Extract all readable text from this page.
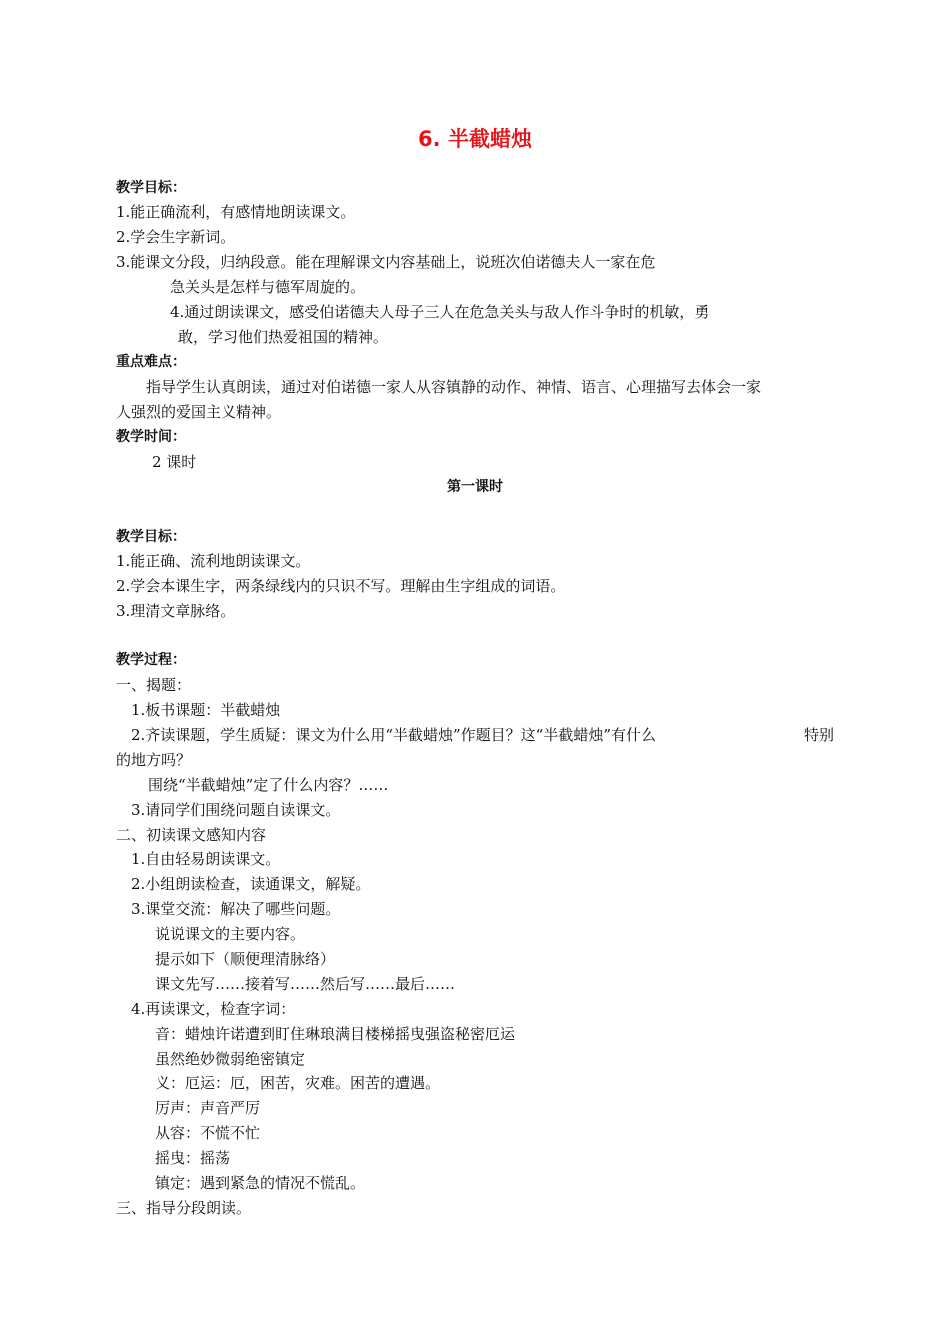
6. 半截蜡烛
教学目标：
1.能正确流利，有感情地朗读课文。
2.学会生字新词。
3.能课文分段，归纳段意。能在理解课文内容基础上，说班次伯诺德夫人一家在危
急关头是怎样与德军周旋的。
4.通过朗读课文，感受伯诺德夫人母子三人在危急关头与敌人作斗争时的机敏，勇
敢，学习他们热爱祖国的精神。
重点难点：
指导学生认真朗读，通过对伯诺德一家人从容镇静的动作、神情、语言、心理描写去体会一家
人强烈的爱国主义精神。
教学时间：
2 课时
第一课时
教学目标：
1.能正确、流利地朗读课文。
2.学会本课生字，两条绿线内的只识不写。理解由生字组成的词语。
3.理清文章脉络。
教学过程：
一、揭题：
1.板书课题：半截蜡烛
2.齐读课题，学生质疑：课文为什么用“半截蜡烛”作题目？这“半截蜡烛”有什么	特别
的地方吗？
围绕“半截蜡烛”定了什么内容？……
3.请同学们围绕问题自读课文。
二、初读课文感知内容
1.自由轻易朗读课文。
2.小组朗读检查，读通课文，解疑。
3.课堂交流：解决了哪些问题。
说说课文的主要内容。
提示如下（顺便理清脉络）
课文先写……接着写……然后写……最后……
4.再读课文，检查字词：
音：蜡烛许诺遭到盯住琳琅满目楼梯摇曳强盗秘密厄运
虽然绝妙微弱绝密镇定
义：厄运：厄，困苦，灾难。困苦的遭遇。
厉声：声音严厉
从容：不慌不忙
摇曳：摇荡
镇定：遇到紧急的情况不慌乱。
三、指导分段朗读。
